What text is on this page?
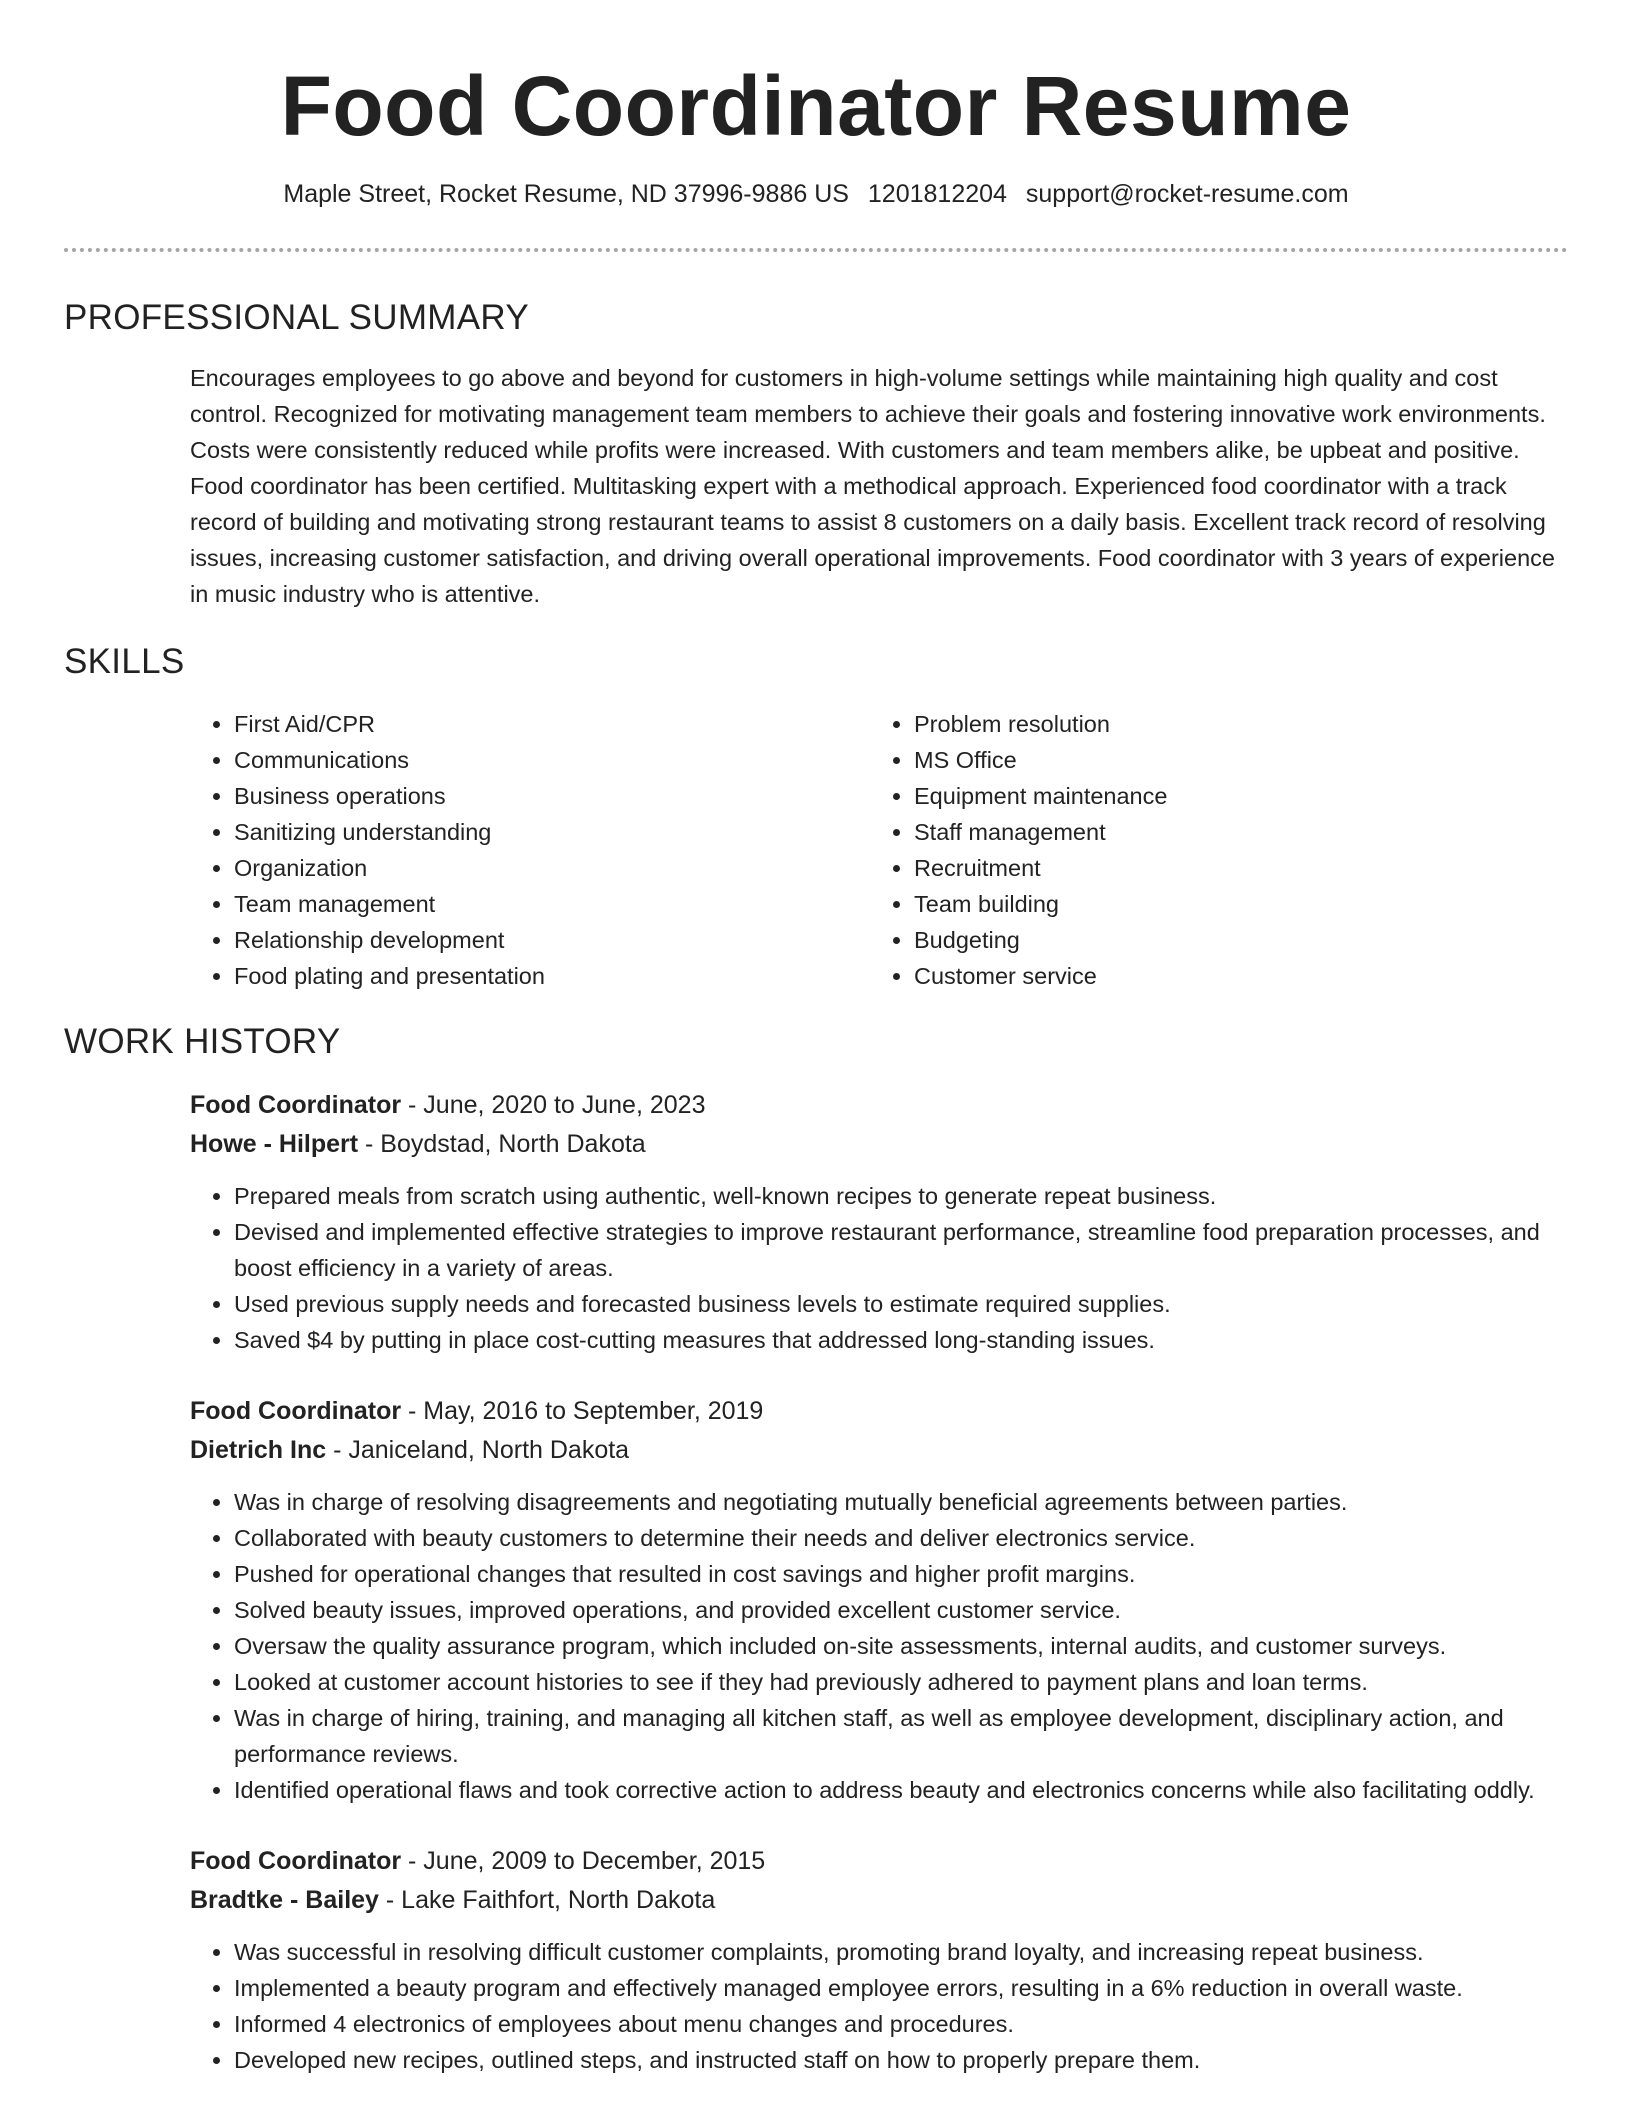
Food Coordinator Resume
Maple Street, Rocket Resume, ND 37996-9886 US 1201812204 support@rocket-resume.com
PROFESSIONAL SUMMARY

Encourages employees to go above and beyond for customers in high-volume settings while maintaining high quality and cost control. Recognized for motivating management team members to achieve their goals and fostering innovative work environments. Costs were consistently reduced while profits were increased. With customers and team members alike, be upbeat and positive. Food coordinator has been certified. Multitasking expert with a methodical approach. Experienced food coordinator with a track record of building and motivating strong restaurant teams to assist 8 customers on a daily basis. Excellent track record of resolving issues, increasing customer satisfaction, and driving overall operational improvements. Food coordinator with 3 years of experience in music industry who is attentive.

SKILLS
• First Aid/CPR
• Communications
• Business operations
• Sanitizing understanding
• Organization
• Team management
• Relationship development
• Food plating and presentation
• Problem resolution
• MS Office
• Equipment maintenance
• Staff management
• Recruitment
• Team building
• Budgeting
• Customer service
WORK HISTORY
Food Coordinator - June, 2020 to June, 2023
Howe - Hilpert - Boydstad, North Dakota
• Prepared meals from scratch using authentic, well-known recipes to generate repeat business.
• Devised and implemented effective strategies to improve restaurant performance, streamline food preparation processes, and boost efficiency in a variety of areas.
• Used previous supply needs and forecasted business levels to estimate required supplies.
• Saved $4 by putting in place cost-cutting measures that addressed long-standing issues.
Food Coordinator - May, 2016 to September, 2019
Dietrich Inc - Janiceland, North Dakota
• Was in charge of resolving disagreements and negotiating mutually beneficial agreements between parties.
• Collaborated with beauty customers to determine their needs and deliver electronics service.
• Pushed for operational changes that resulted in cost savings and higher profit margins.
• Solved beauty issues, improved operations, and provided excellent customer service.
• Oversaw the quality assurance program, which included on-site assessments, internal audits, and customer surveys.
• Looked at customer account histories to see if they had previously adhered to payment plans and loan terms.
• Was in charge of hiring, training, and managing all kitchen staff, as well as employee development, disciplinary action, and performance reviews.
• Identified operational flaws and took corrective action to address beauty and electronics concerns while also facilitating oddly.
Food Coordinator - June, 2009 to December, 2015
Bradtke - Bailey - Lake Faithfort, North Dakota
• Was successful in resolving difficult customer complaints, promoting brand loyalty, and increasing repeat business.
• Implemented a beauty program and effectively managed employee errors, resulting in a 6% reduction in overall waste.
• Informed 4 electronics of employees about menu changes and procedures.
• Developed new recipes, outlined steps, and instructed staff on how to properly prepare them.
